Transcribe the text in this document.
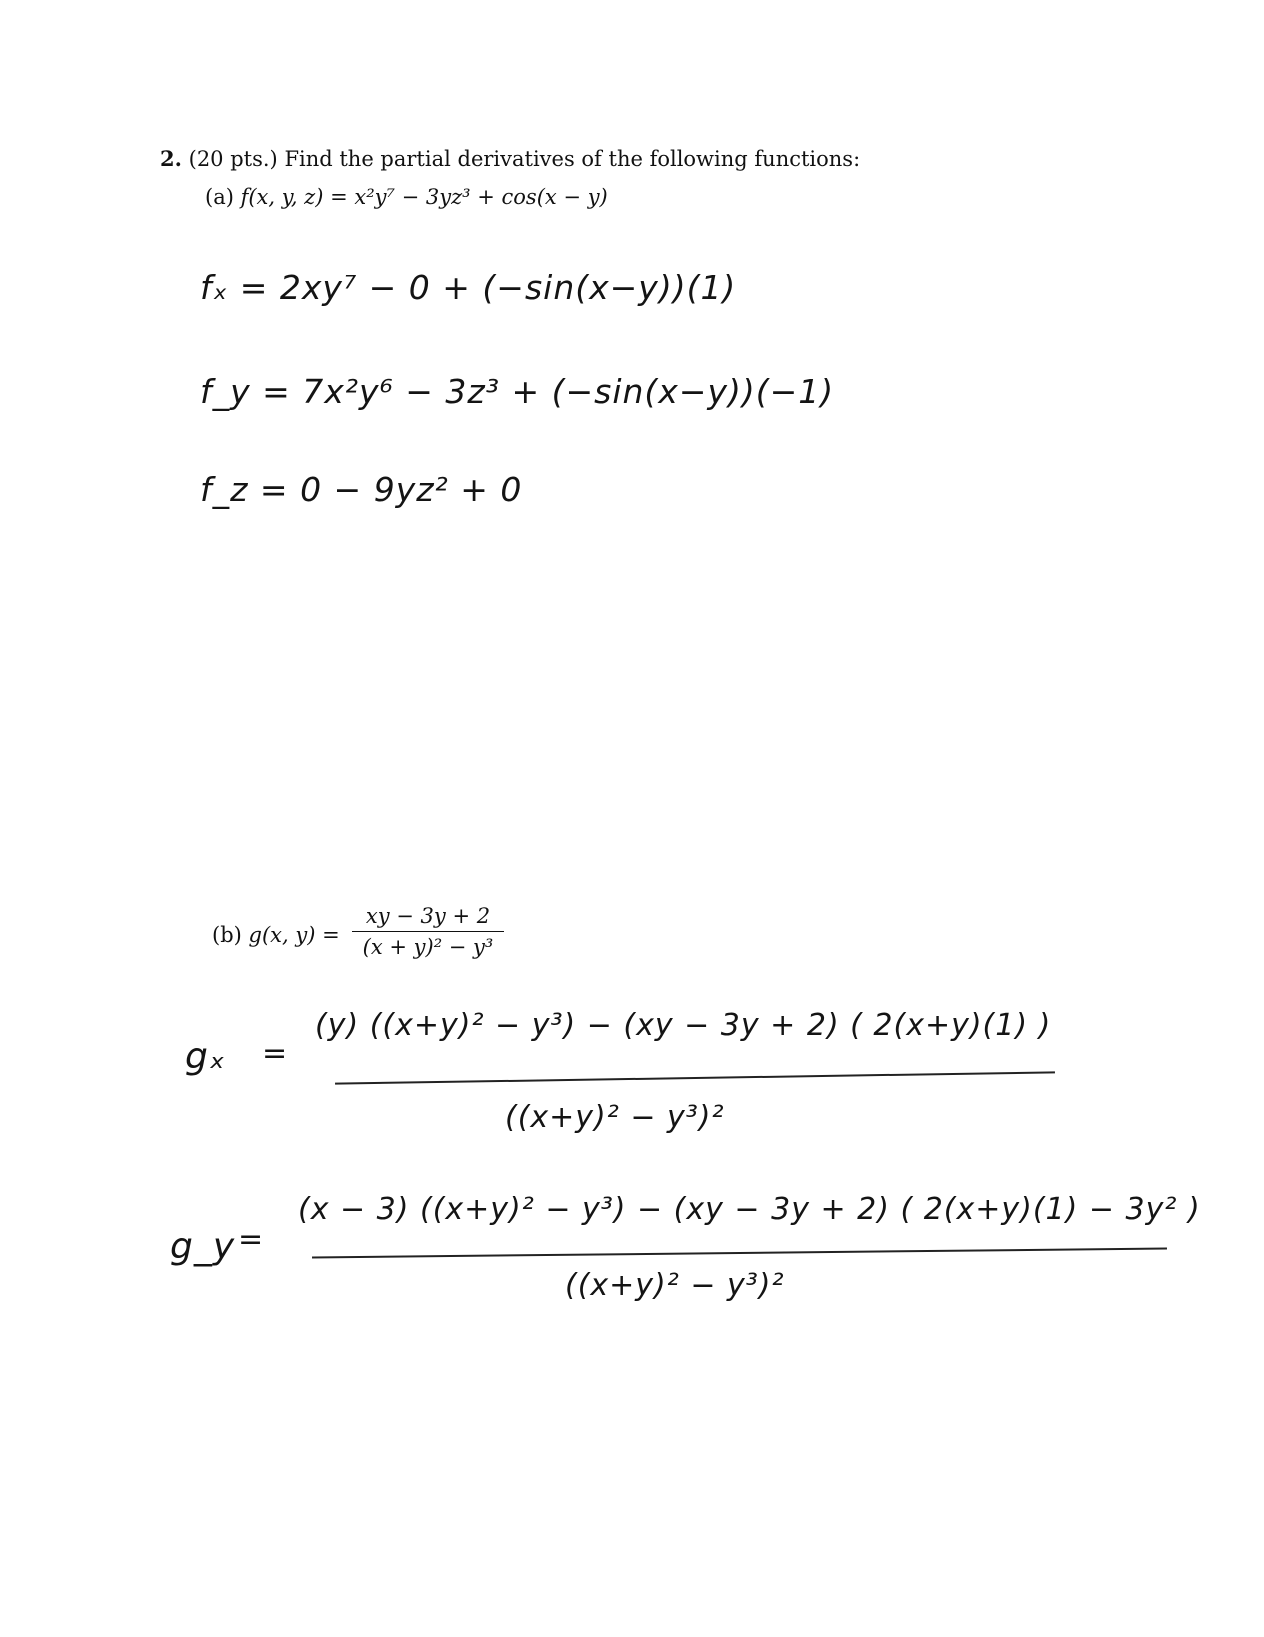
2. (20 pts.) Find the partial derivatives of the following functions:
(a) f(x, y, z) = x²y⁷ − 3yz³ + cos(x − y)
fₓ = 2xy⁷ − 0 + (−sin(x−y))(1)
f_y = 7x²y⁶ − 3z³ + (−sin(x−y))(−1)
f_z = 0 − 9yz² + 0
(b) g(x, y) =
xy − 3y + 2
(x + y)² − y³
gₓ =
(y) ((x+y)² − y³) − (xy − 3y + 2) ( 2(x+y)(1) )
((x+y)² − y³)²
g_y =
(x − 3) ((x+y)² − y³) − (xy − 3y + 2) ( 2(x+y)(1) − 3y² )
((x+y)² − y³)²
